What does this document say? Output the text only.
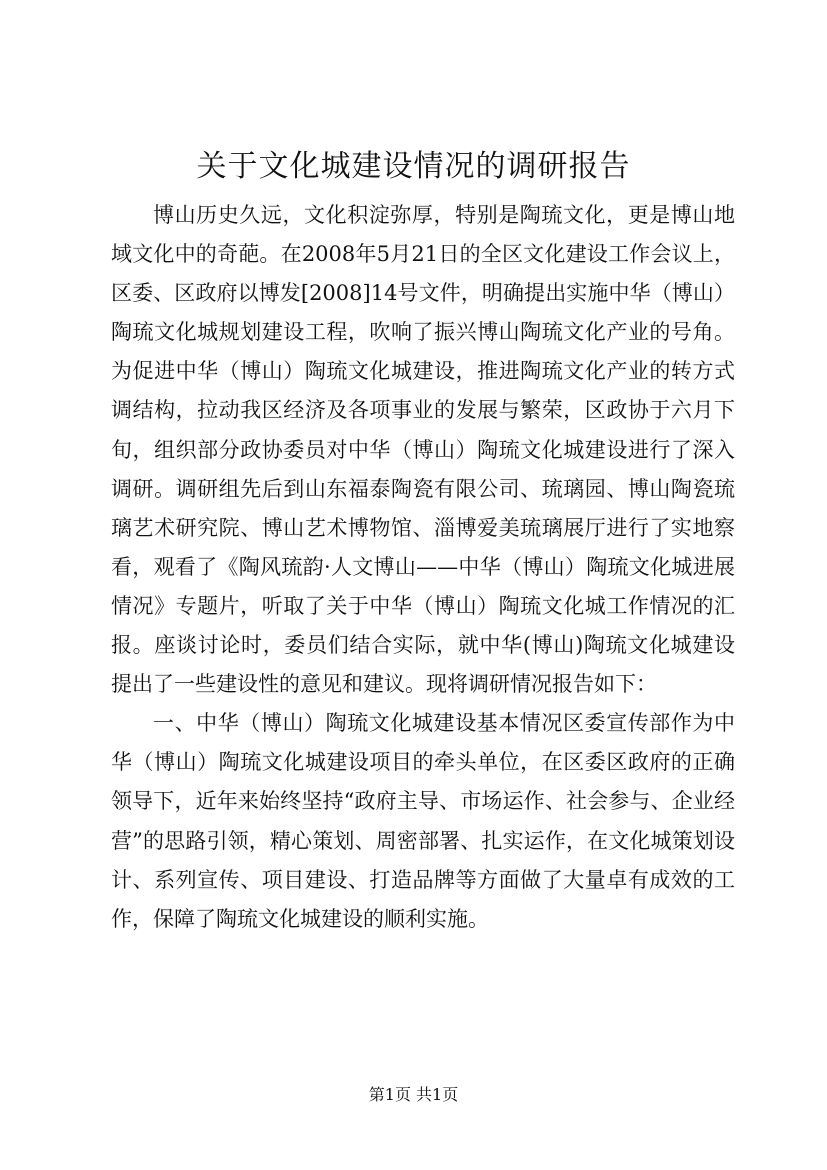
关于文化城建设情况的调研报告

博山历史久远，文化积淀弥厚，特别是陶琉文化，更是博山地域文化中的奇葩。在2008年5月21日的全区文化建设工作会议上，区委、区政府以博发[2008]14号文件，明确提出实施中华（博山）陶琉文化城规划建设工程，吹响了振兴博山陶琉文化产业的号角。为促进中华（博山）陶琉文化城建设，推进陶琉文化产业的转方式调结构，拉动我区经济及各项事业的发展与繁荣，区政协于六月下旬，组织部分政协委员对中华（博山）陶琉文化城建设进行了深入调研。调研组先后到山东福泰陶瓷有限公司、琉璃园、博山陶瓷琉璃艺术研究院、博山艺术博物馆、淄博爱美琉璃展厅进行了实地察看，观看了《陶风琉韵·人文博山——中华（博山）陶琉文化城进展情况》专题片，听取了关于中华（博山）陶琉文化城工作情况的汇报。座谈讨论时，委员们结合实际，就中华(博山)陶琉文化城建设提出了一些建设性的意见和建议。现将调研情况报告如下：

一、中华（博山）陶琉文化城建设基本情况区委宣传部作为中华（博山）陶琉文化城建设项目的牵头单位，在区委区政府的正确领导下，近年来始终坚持“政府主导、市场运作、社会参与、企业经营”的思路引领，精心策划、周密部署、扎实运作，在文化城策划设计、系列宣传、项目建设、打造品牌等方面做了大量卓有成效的工作，保障了陶琉文化城建设的顺利实施。

第1页 共1页
